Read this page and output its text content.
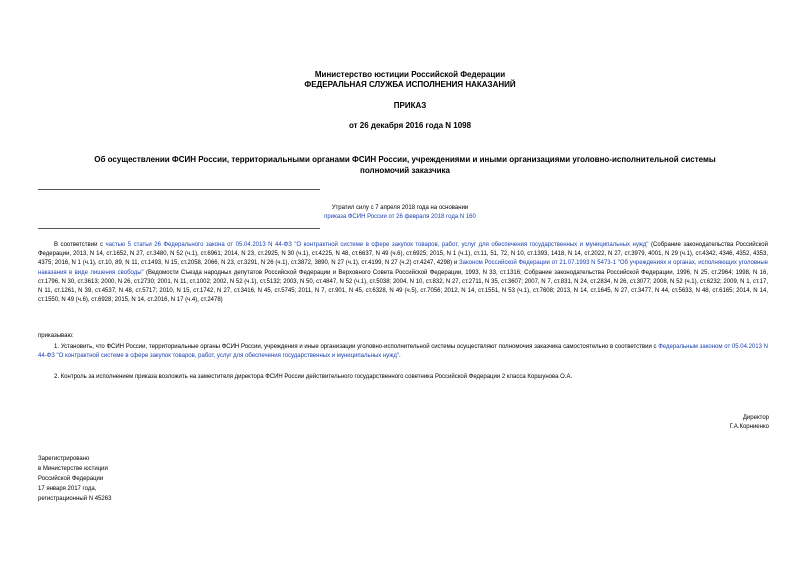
Министерство юстиции Российской Федерации
ФЕДЕРАЛЬНАЯ СЛУЖБА ИСПОЛНЕНИЯ НАКАЗАНИЙ
ПРИКАЗ
от 26 декабря 2016 года N 1098
Об осуществлении ФСИН России, территориальными органами ФСИН России, учреждениями и иными организациями уголовно-исполнительной системы
полномочий заказчика
Утратил силу с 7 апреля 2018 года на основании
приказа ФСИН России от 26 февраля 2018 года N 160
В соответствии с частью 5 статьи 26 Федерального закона от 05.04.2013 N 44-ФЗ "О контрактной системе в сфере закупок товаров, работ, услуг для обеспечения государственных и муниципальных нужд" (Собрание законодательства Российской Федерации, 2013, N 14, ст.1652, N 27, ст.3480, N 52 (ч.1), ст.6961; 2014, N 23, ст.2925, N 30 (ч.1), ст.4225, N 48, ст.6637, N 49 (ч.6), ст.6925; 2015, N 1 (ч.1), ст.11, 51, 72, N 10, ст.1393, 1418, N 14, ст.2022, N 27, ст.3979, 4001, N 29 (ч.1), ст.4342, 4346, 4352, 4353, 4375; 2016, N 1 (ч.1), ст.10, 89, N 11, ст.1493, N 15, ст.2058, 2066, N 23, ст.3291, N 26 (ч.1), ст.3872, 3890, N 27 (ч.1), ст.4199, N 27 (ч.2) ст.4247, 4298) и Законом Российской Федерации от 21.07.1993 N 5473-1 "Об учреждениях и органах, исполняющих уголовные наказания в виде лишения свободы" (Ведомости Съезда народных депутатов Российской Федерации и Верховного Совета Российской Федерации, 1993, N 33, ст.1316; Собрание законодательства Российской Федерации, 1996, N 25, ст.2964; 1998, N 16, ст.1796, N 30, ст.3613; 2000, N 26, ст.2730; 2001, N 11, ст.1002; 2002, N 52 (ч.1), ст.5132; 2003, N 50, ст.4847, N 52 (ч.1), ст.5038; 2004, N 10, ст.832, N 27, ст.2711, N 35, ст.3607; 2007, N 7, ст.831, N 24, ст.2834, N 26, ст.3077; 2008, N 52 (ч.1), ст.6232; 2009, N 1, ст.17, N 11, ст.1261, N 39, ст.4537, N 48, ст.5717; 2010, N 15, ст.1742, N 27, ст.3416, N 45, ст.5745; 2011, N 7, ст.901, N 45, ст.6328, N 49 (ч.5), ст.7056; 2012, N 14, ст.1551, N 53 (ч.1), ст.7608; 2013, N 14, ст.1645, N 27, ст.3477, N 44, ст.5633, N 48, ст.6165; 2014, N 14, ст.1550, N 49 (ч.6), ст.6928; 2015, N 14, ст.2016, N 17 (ч.4), ст.2478)
приказываю:
1. Установить, что ФСИН России, территориальные органы ФСИН России, учреждения и иные организации уголовно-исполнительной системы осуществляют полномочия заказчика самостоятельно в соответствии с Федеральным законом от 05.04.2013 N 44-ФЗ "О контрактной системе в сфере закупок товаров, работ, услуг для обеспечения государственных и муниципальных нужд".
2. Контроль за исполнением приказа возложить на заместителя директора ФСИН России действительного государственного советника Российской Федерации 2 класса Коршунова О.А.
Директор
Г.А.Корниенко
Зарегистрировано
в Министерстве юстиции
Российской Федерации
17 января 2017 года,
регистрационный N 45263
